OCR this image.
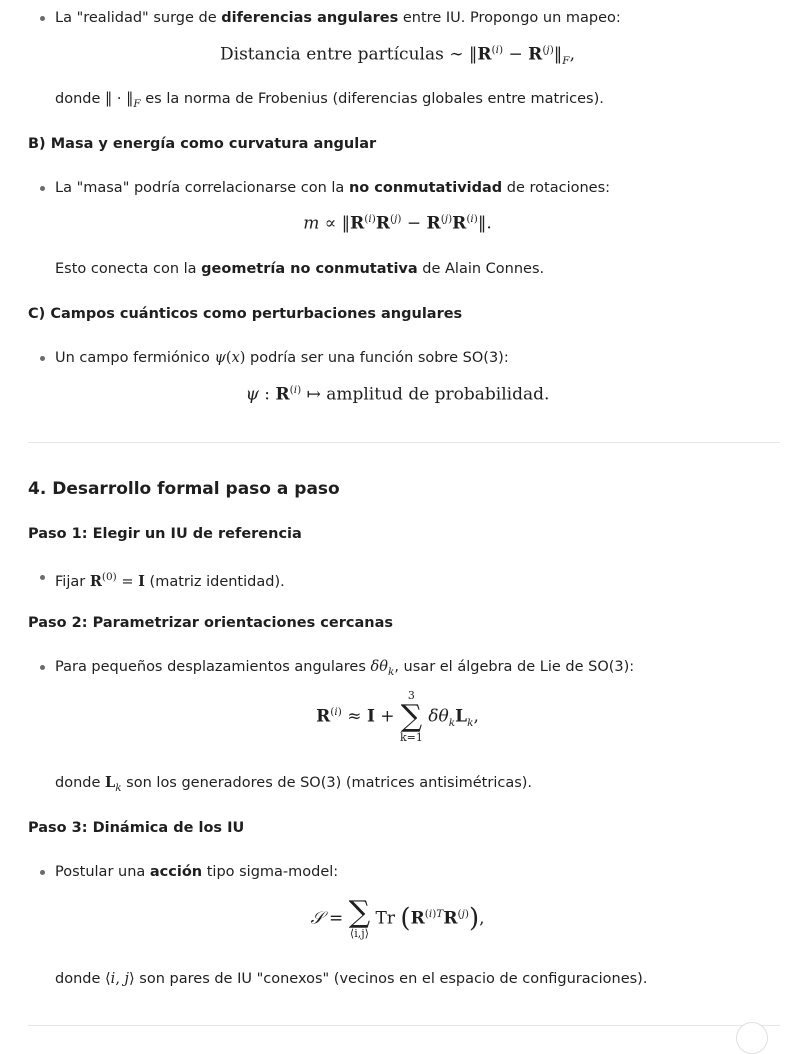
La "realidad" surge de diferencias angulares entre IU. Propongo un mapeo:
Distancia entre partículas ∼ $‖R^{(i)}$ − $R^{(j)}‖_F$,
donde ‖ · $‖_F$ es la norma de Frobenius (diferencias globales entre matrices).
B) Masa y energía como curvatura angular
La "masa" podría correlacionarse con la no conmutatividad de rotaciones:
$m \propto ‖R^{(i)}R^{(j)}$ − $R^{(j)}R^{(i)}‖$.
Esto conecta con la geometría no conmutativa de Alain Connes.
C) Campos cuánticos como perturbaciones angulares
Un campo fermiónico ψ(x) podría ser una función sobre SO(3):
ψ : $R^{(i)}$ ↦ amplitud de probabilidad.
4. Desarrollo formal paso a paso
Paso 1: Elegir un IU de referencia
Fijar $R^{(0)} = I$ (matriz identidad).
Paso 2: Parametrizar orientaciones cercanas
Para pequeños desplazamientos angulares $\delta\theta_k$, usar el álgebra de Lie de SO(3):
$R^{(i)} \approx I$ +
3
∑
k=1
$\delta\theta_kL_k$,
donde $L_k$ son los generadores de SO(3) (matrices antisimétricas).
Paso 3: Dinámica de los IU
Postular una acción tipo sigma-model:
𝒮 = ∑
⟨i,j⟩
Tr $(R^{(i)T}R^{(j)})$,
donde ⟨i, j⟩ son pares de IU "conexos" (vecinos en el espacio de configuraciones).
